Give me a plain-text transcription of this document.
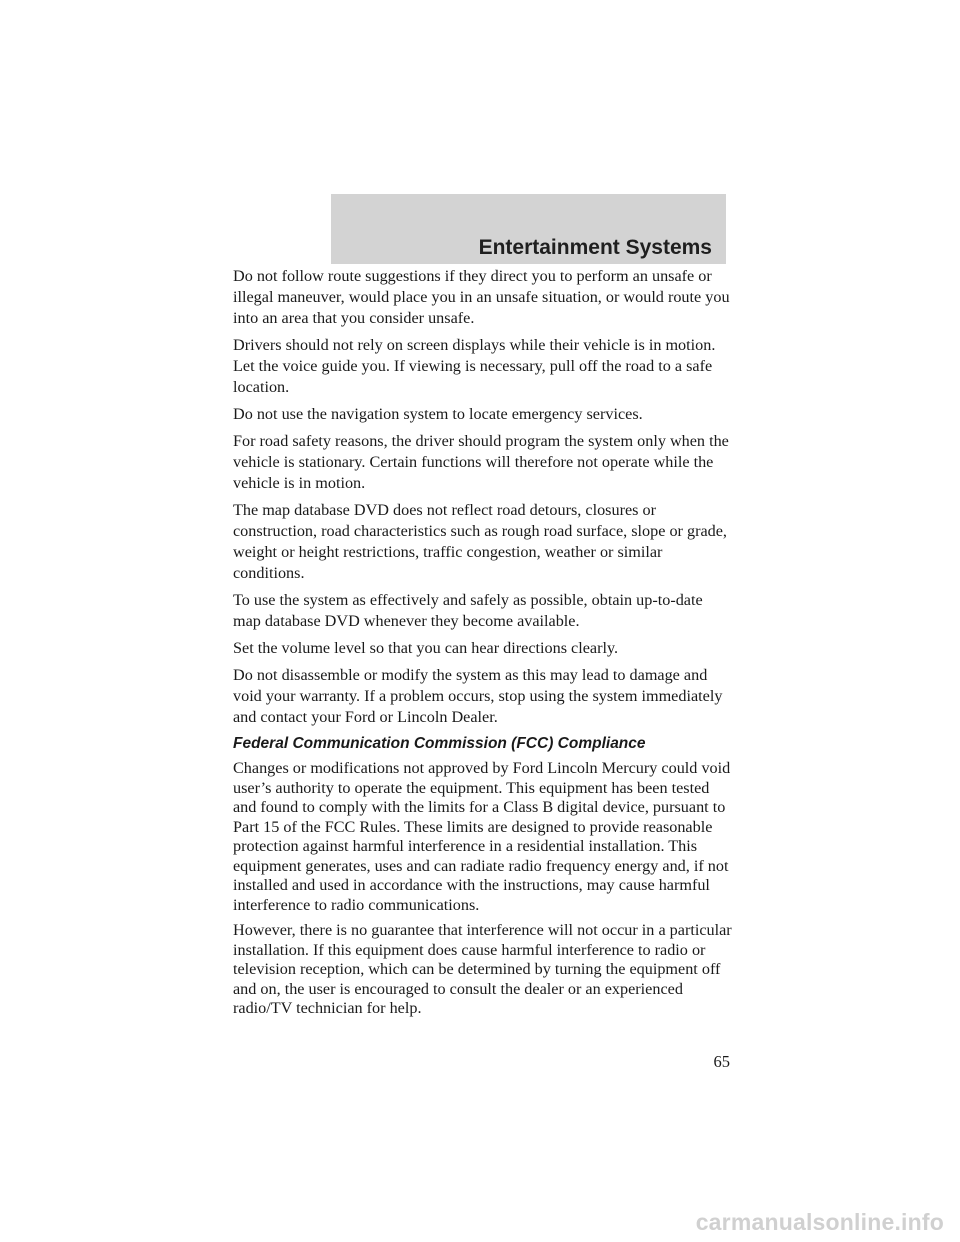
Entertainment Systems

Do not follow route suggestions if they direct you to perform an unsafe or illegal maneuver, would place you in an unsafe situation, or would route you into an area that you consider unsafe.

Drivers should not rely on screen displays while their vehicle is in motion. Let the voice guide you. If viewing is necessary, pull off the road to a safe location.

Do not use the navigation system to locate emergency services.

For road safety reasons, the driver should program the system only when the vehicle is stationary. Certain functions will therefore not operate while the vehicle is in motion.

The map database DVD does not reflect road detours, closures or construction, road characteristics such as rough road surface, slope or grade, weight or height restrictions, traffic congestion, weather or similar conditions.

To use the system as effectively and safely as possible, obtain up-to-date map database DVD whenever they become available.

Set the volume level so that you can hear directions clearly.

Do not disassemble or modify the system as this may lead to damage and void your warranty. If a problem occurs, stop using the system immediately and contact your Ford or Lincoln Dealer.

Federal Communication Commission (FCC) Compliance

Changes or modifications not approved by Ford Lincoln Mercury could void user’s authority to operate the equipment. This equipment has been tested and found to comply with the limits for a Class B digital device, pursuant to Part 15 of the FCC Rules. These limits are designed to provide reasonable protection against harmful interference in a residential installation. This equipment generates, uses and can radiate radio frequency energy and, if not installed and used in accordance with the instructions, may cause harmful interference to radio communications.

However, there is no guarantee that interference will not occur in a particular installation. If this equipment does cause harmful interference to radio or television reception, which can be determined by turning the equipment off and on, the user is encouraged to consult the dealer or an experienced radio/TV technician for help.

65
carmanualsonline.info
